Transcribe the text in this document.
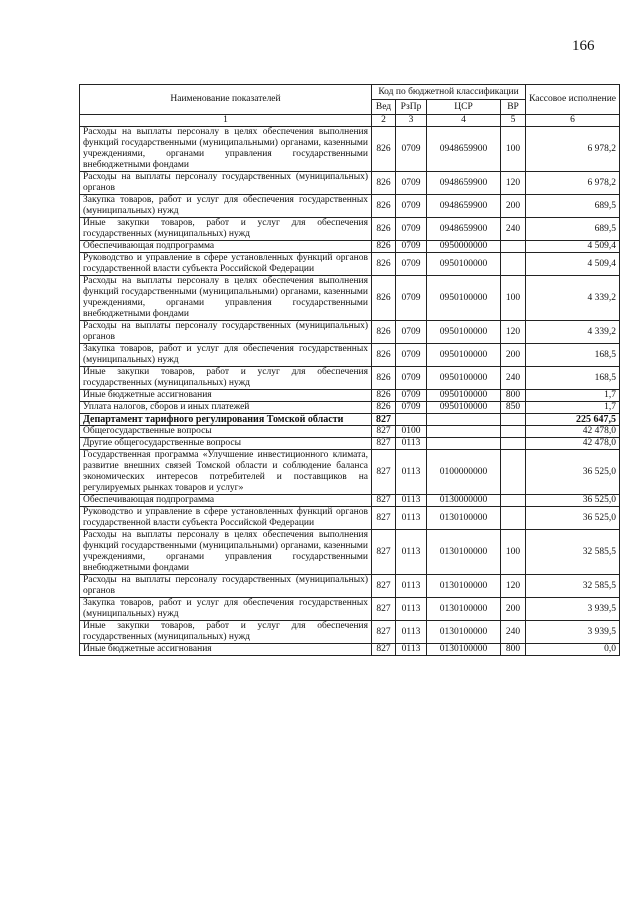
166
Наименование показателей	Код по бюджетной классификации				Кассовое исполнение
	Вед	РзПр	ЦСР	ВР	
1	2	3	4	5	6
Расходы на выплаты персоналу в целях обеспечения выполнения функций государственными (муниципальными) органами, казенными учреждениями, органами управления государственными внебюджетными фондами	826	0709	0948659900	100	6 978,2
Расходы на выплаты персоналу государственных (муниципальных) органов	826	0709	0948659900	120	6 978,2
Закупка товаров, работ и услуг для обеспечения государственных (муниципальных) нужд	826	0709	0948659900	200	689,5
Иные закупки товаров, работ и услуг для обеспечения государственных (муниципальных) нужд	826	0709	0948659900	240	689,5
Обеспечивающая подпрограмма	826	0709	0950000000		4 509,4
Руководство и управление в сфере установленных функций органов государственной власти субъекта Российской Федерации	826	0709	0950100000		4 509,4
Расходы на выплаты персоналу в целях обеспечения выполнения функций государственными (муниципальными) органами, казенными учреждениями, органами управления государственными внебюджетными фондами	826	0709	0950100000	100	4 339,2
Расходы на выплаты персоналу государственных (муниципальных) органов	826	0709	0950100000	120	4 339,2
Закупка товаров, работ и услуг для обеспечения государственных (муниципальных) нужд	826	0709	0950100000	200	168,5
Иные закупки товаров, работ и услуг для обеспечения государственных (муниципальных) нужд	826	0709	0950100000	240	168,5
Иные бюджетные ассигнования	826	0709	0950100000	800	1,7
Уплата налогов, сборов и иных платежей	826	0709	0950100000	850	1,7
Департамент тарифного регулирования Томской области	827				225 647,5
Общегосударственные вопросы	827	0100			42 478,0
Другие общегосударственные вопросы	827	0113			42 478,0
Государственная программа «Улучшение инвестиционного климата, развитие внешних связей Томской области и соблюдение баланса экономических интересов потребителей и поставщиков на регулируемых рынках товаров и услуг»	827	0113	0100000000		36 525,0
Обеспечивающая подпрограмма	827	0113	0130000000		36 525,0
Руководство и управление в сфере установленных функций органов государственной власти субъекта Российской Федерации	827	0113	0130100000		36 525,0
Расходы на выплаты персоналу в целях обеспечения выполнения функций государственными (муниципальными) органами, казенными учреждениями, органами управления государственными внебюджетными фондами	827	0113	0130100000	100	32 585,5
Расходы на выплаты персоналу государственных (муниципальных) органов	827	0113	0130100000	120	32 585,5
Закупка товаров, работ и услуг для обеспечения государственных (муниципальных) нужд	827	0113	0130100000	200	3 939,5
Иные закупки товаров, работ и услуг для обеспечения государственных (муниципальных) нужд	827	0113	0130100000	240	3 939,5
Иные бюджетные ассигнования	827	0113	0130100000	800	0,0
